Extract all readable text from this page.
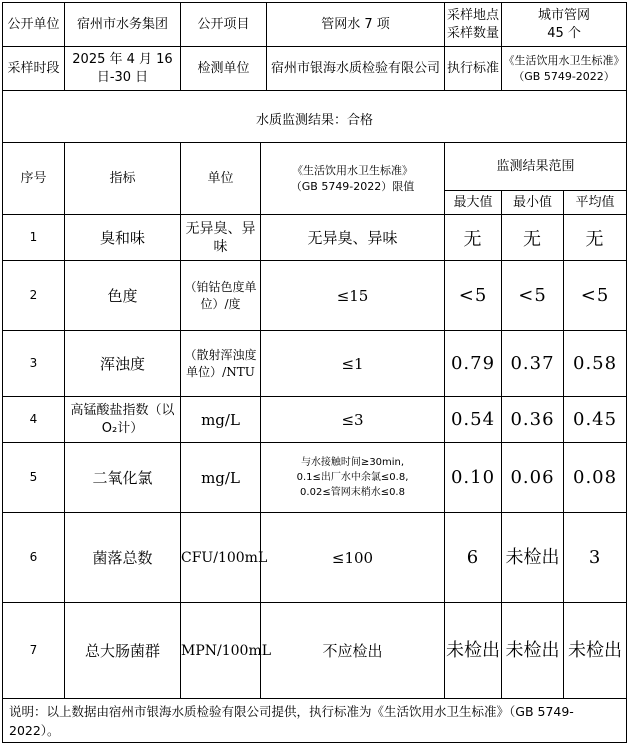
公开单位	宿州市水务集团	公开项目		管网水 7 项	采样地点采样数量	城市管网
45 个	

采样时段	2025 年 4 月 16 日-30 日	检测单位		宿州市银海水质检验有限公司	执行标准	《生活饮用水卫生标准》
（GB 5749-2022）	

水质监测结果：合格							
序号	指标	单位	《生活饮用水卫生标准》
（GB 5749-2022）限值		监测结果范围		
					最大值	最小值	平均值
1	臭和味	无异臭、异味	无异臭、异味		无	无	无
2	色度	（铂钴色度单位）/度	≤15		<5	<5	<5
3	浑浊度	（散射浑浊度单位）/NTU	≤1		0.79	0.37	0.58
4	高锰酸盐指数（以 O₂计）	mg/L	≤3		0.54	0.36	0.45
5	二氧化氯	mg/L	与水接触时间≥30min,
0.1≤出厂水中余氯≤0.8,
0.02≤管网末梢水≤0.8		0.10	0.06	0.08
6	菌落总数	CFU/100mL	≤100		6	未检出	3
7	总大肠菌群	MPN/100mL	不应检出		未检出	未检出	未检出
说明：以上数据由宿州市银海水质检验有限公司提供，执行标准为《生活饮用水卫生标准》（GB 5749-2022）。							
